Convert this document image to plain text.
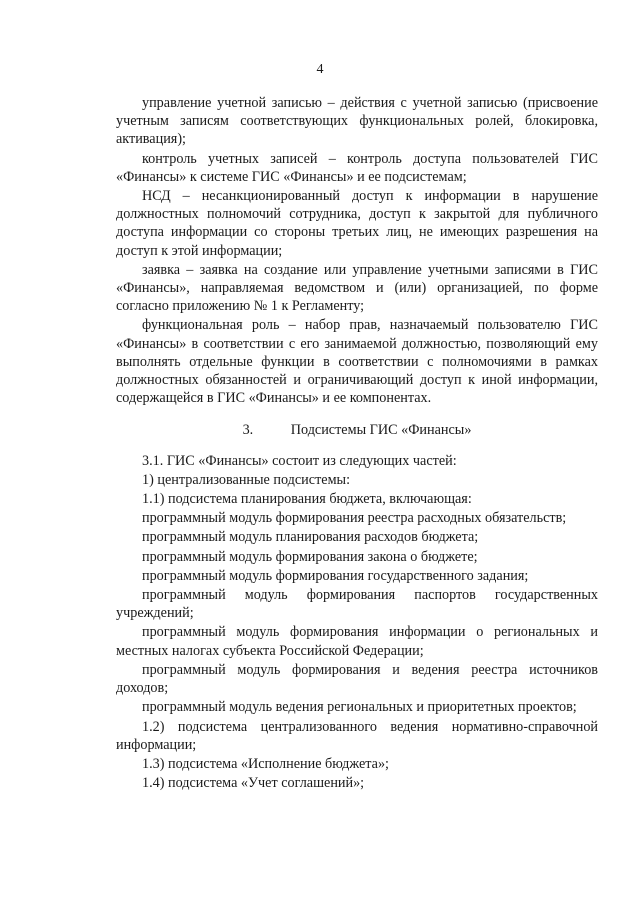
4

управление учетной записью – действия с учетной записью (присвоение учетным записям соответствующих функциональных ролей, блокировка, активация);

контроль учетных записей – контроль доступа пользователей ГИС «Финансы» к системе ГИС «Финансы» и ее подсистемам;

НСД – несанкционированный доступ к информации в нарушение должностных полномочий сотрудника, доступ к закрытой для публичного доступа информации со стороны третьих лиц, не имеющих разрешения на доступ к этой информации;

заявка – заявка на создание или управление учетными записями в ГИС «Финансы», направляемая ведомством и (или) организацией, по форме согласно приложению № 1 к Регламенту;

функциональная роль – набор прав, назначаемый пользователю ГИС «Финансы» в соответствии с его занимаемой должностью, позволяющий ему выполнять отдельные функции в соответствии с полномочиями в рамках должностных обязанностей и ограничивающий доступ к иной информации, содержащейся в ГИС «Финансы» и ее компонентах.

3.	Подсистемы ГИС «Финансы»

3.1. ГИС «Финансы» состоит из следующих частей:

1) централизованные подсистемы:

1.1) подсистема планирования бюджета, включающая:

программный модуль формирования реестра расходных обязательств;

программный модуль планирования расходов бюджета;

программный модуль формирования закона о бюджете;

программный модуль формирования государственного задания;

программный модуль формирования паспортов государственных учреждений;

программный модуль формирования информации о региональных и местных налогах субъекта Российской Федерации;

программный модуль формирования и ведения реестра источников доходов;

программный модуль ведения региональных и приоритетных проектов;

1.2) подсистема централизованного ведения нормативно-справочной информации;

1.3) подсистема «Исполнение бюджета»;

1.4) подсистема «Учет соглашений»;
